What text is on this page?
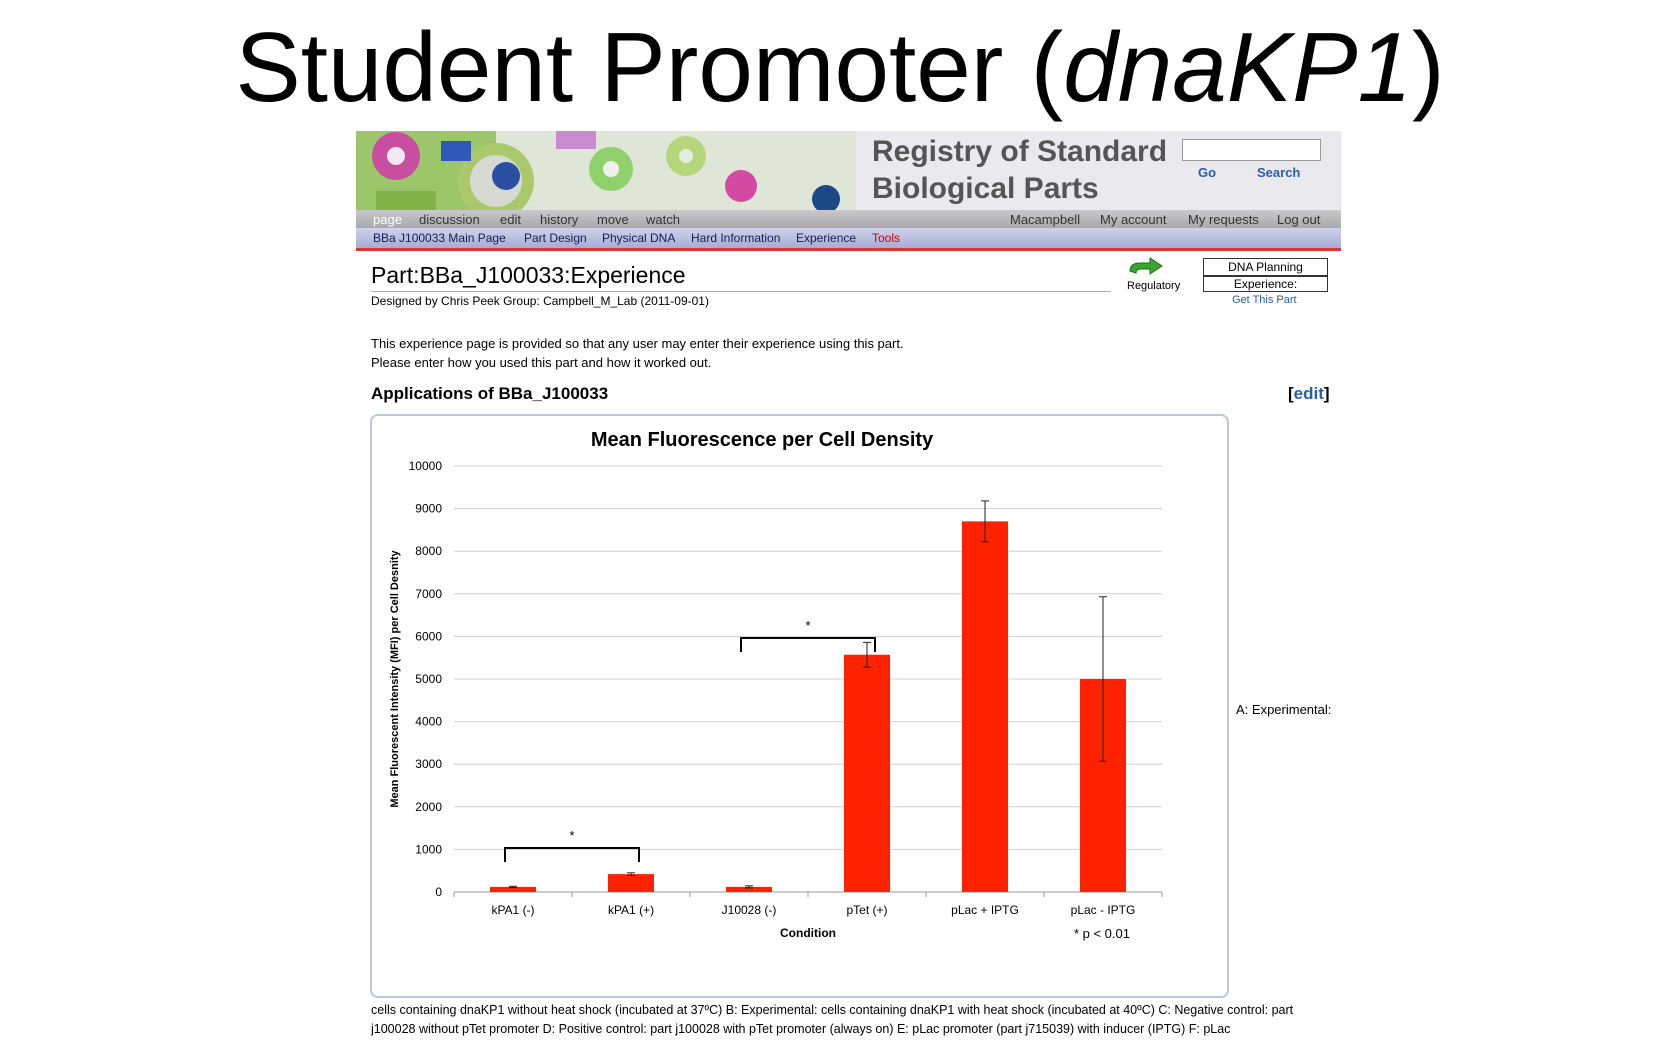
Student Promoter (dnaKP1)
Registry of Standard
Biological Parts	Go	Search
page discussion edit history move watch	Macampbell My account My requests Log out
BBa J100033 Main Page Part Design Physical DNA Hard Information Experience Tools
Part:BBa_J100033:Experience
Designed by Chris Peek Group: Campbell_M_Lab (2011-09-01)
Regulatory
DNA Planning
Experience:
Get This Part
This experience page is provided so that any user may enter their experience using this part.
Please enter how you used this part and how it worked out.
Applications of BBa_J100033	[edit]
Mean Fluorescence per Cell Density
0
1000
2000
3000
4000
5000
6000
7000
8000
9000
10000
kPA1 (-)	kPA1 (+)	J10028 (-)	pTet (+)	pLac + IPTG	pLac - IPTG
*
*
Condition
Mean Fluorescent Intensity (MFI) per Cell Desnity
* p < 0.01
A: Experimental:
cells containing dnaKP1 without heat shock (incubated at 37ºC) B: Experimental: cells containing dnaKP1 with heat shock (incubated at 40ºC) C: Negative control: part j100028 without pTet promoter D: Positive control: part j100028 with pTet promoter (always on) E: pLac promoter (part j715039) with inducer (IPTG) F: pLac
